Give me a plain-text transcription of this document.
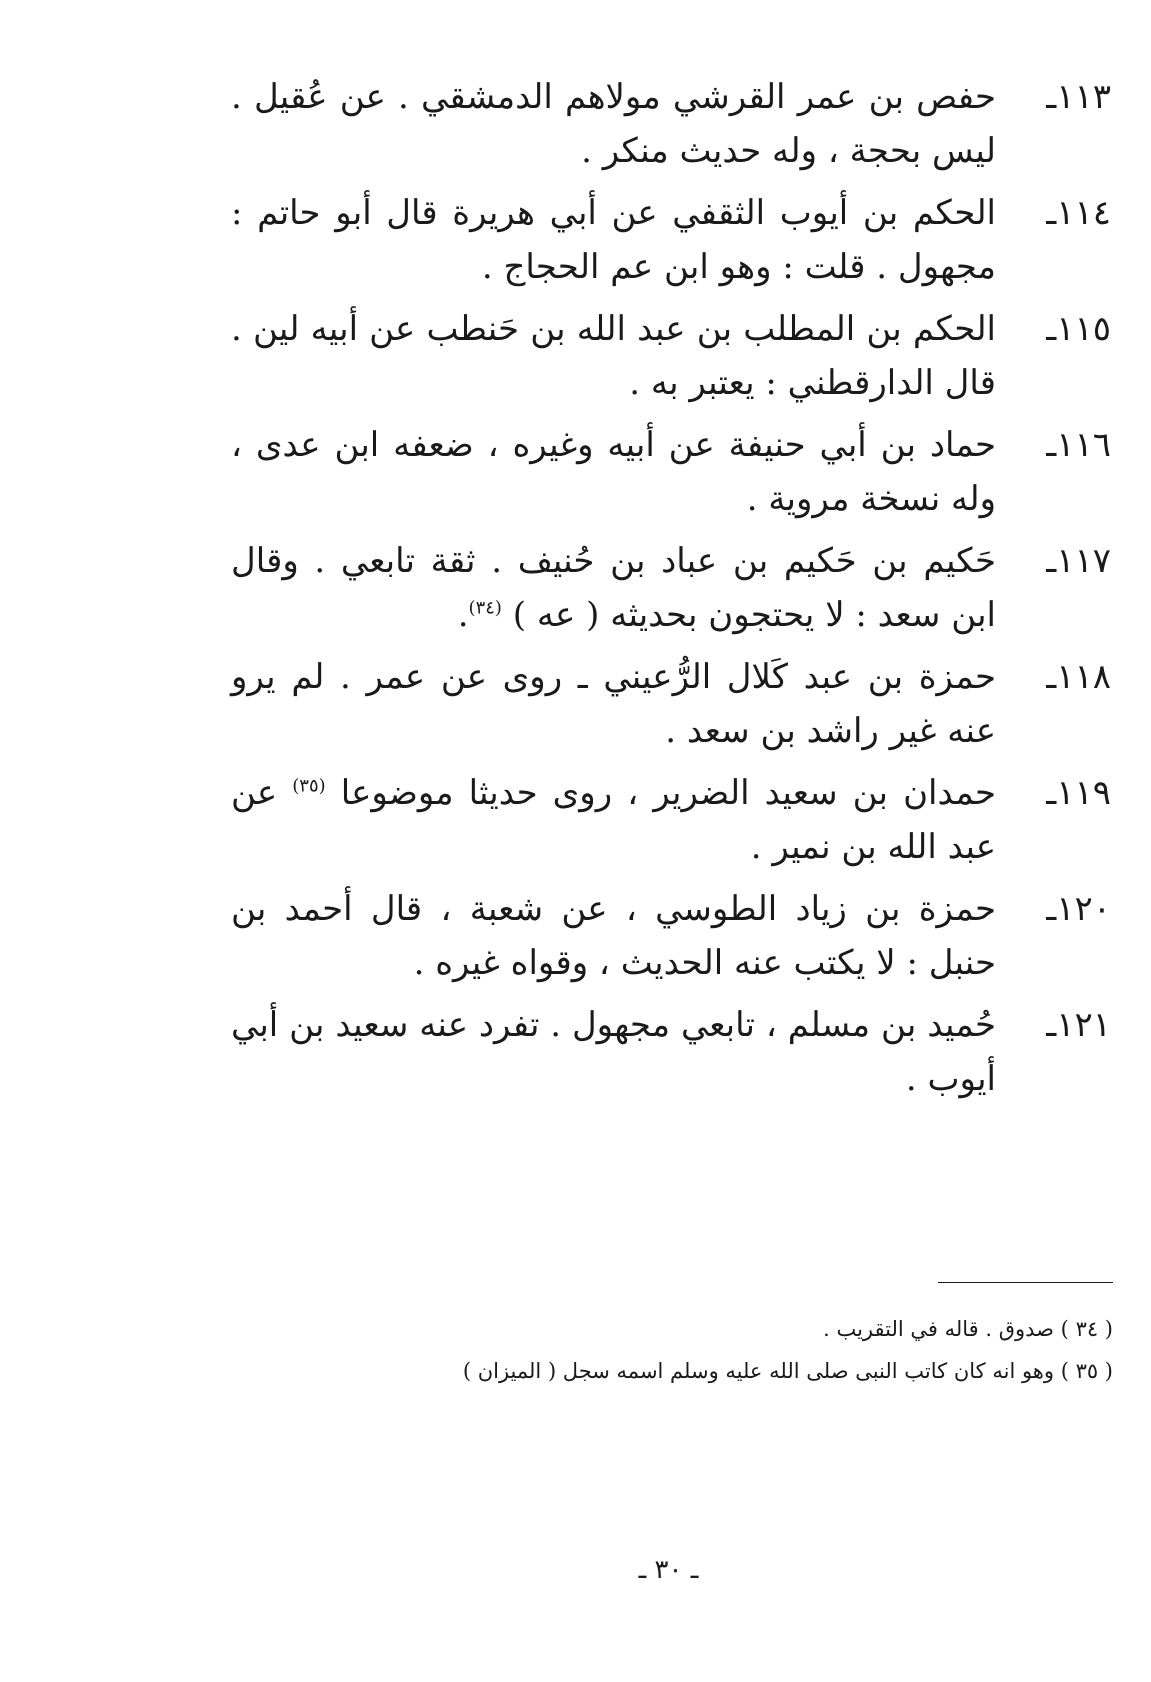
١١٣ـ
حفص بن عمر القرشي مولاهم الدمشقي . عن عُقيل . ليس بحجة ، وله حديث منكر .
١١٤ـ
الحكم بن أيوب الثقفي عن أبي هريرة قال أبو حاتم : مجهول . قلت : وهو ابن عم الحجاج .
١١٥ـ
الحكم بن المطلب بن عبد الله بن حَنطب عن أبيه لين . قال الدارقطني : يعتبر به .
١١٦ـ
حماد بن أبي حنيفة عن أبيه وغيره ، ضعفه ابن عدى ، وله نسخة مروية .
١١٧ـ
حَكيم بن حَكيم بن عباد بن حُنيف . ثقة تابعي . وقال ابن سعد : لا يحتجون بحديثه ( عه ) $^{(٣٤)}$.
١١٨ـ
حمزة بن عبد كَلال الرُّعيني ـ روى عن عمر . لم يرو عنه غير راشد بن سعد .
١١٩ـ
حمدان بن سعيد الضرير ، روى حديثا موضوعا $^{(٣٥)}$ عن عبد الله بن نمير .
١٢٠ـ
حمزة بن زياد الطوسي ، عن شعبة ، قال أحمد بن حنبل : لا يكتب عنه الحديث ، وقواه غيره .
١٢١ـ
حُميد بن مسلم ، تابعي مجهول . تفرد عنه سعيد بن أبي أيوب .
( ٣٤ ) صدوق . قاله في التقريب .
( ٣٥ ) وهو انه كان كاتب النبى صلى الله عليه وسلم اسمه سجل ( الميزان )
ـ ٣٠ ـ
